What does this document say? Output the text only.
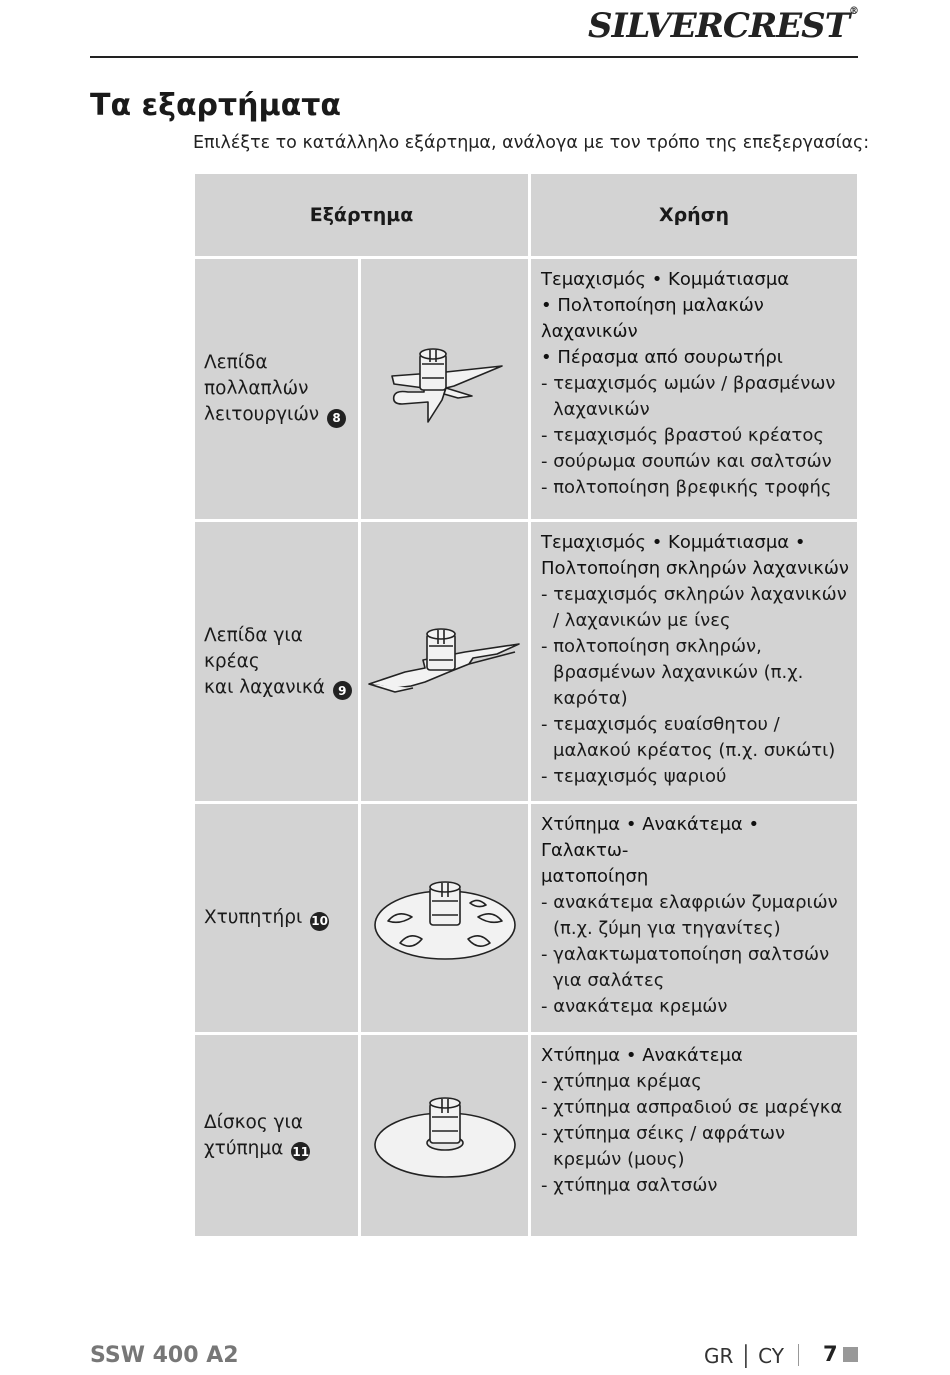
SILVERCREST®
Τα εξαρτήματα
Επιλέξτε το κατάλληλο εξάρτημα, ανάλογα με τον τρόπο της επεξεργασίας:
Εξάρτημα	Χρήση
Λεπίδα
πολλαπλών
λειτουργιών 8
Τεμαχισμός • Κομμάτιασμα
• Πολτοποίηση μαλακών λαχανικών
• Πέρασμα από σουρωτήρι
- τεμαχισμός ωμών / βρασμένων λαχανικών
- τεμαχισμός βραστού κρέατος
- σούρωμα σουπών και σαλτσών
- πολτοποίηση βρεφικής τροφής
Λεπίδα για κρέας
και λαχανικά 9
Τεμαχισμός • Κομμάτιασμα •
Πολτοποίηση σκληρών λαχανικών
- τεμαχισμός σκληρών λαχανικών / λαχανικών με ίνες
- πολτοποίηση σκληρών, βρασμένων λαχανικών (π.χ. καρότα)
- τεμαχισμός ευαίσθητου / μαλακού κρέατος (π.χ. συκώτι)
- τεμαχισμός ψαριού
Χτυπητήρι 10
Χτύπημα • Ανακάτεμα • Γαλακτω-
ματοποίηση
- ανακάτεμα ελαφριών ζυμαριών (π.χ. ζύμη για τηγανίτες)
- γαλακτωματοποίηση σαλτσών για σαλάτες
- ανακάτεμα κρεμών
Δίσκος για
χτύπημα 11
Χτύπημα • Ανακάτεμα
- χτύπημα κρέμας
- χτύπημα ασπραδιού σε μαρέγκα
- χτύπημα σέικς / αφράτων κρεμών (μους)
- χτύπημα σαλτσών
SSW 400 A2	GR │ CY 7
